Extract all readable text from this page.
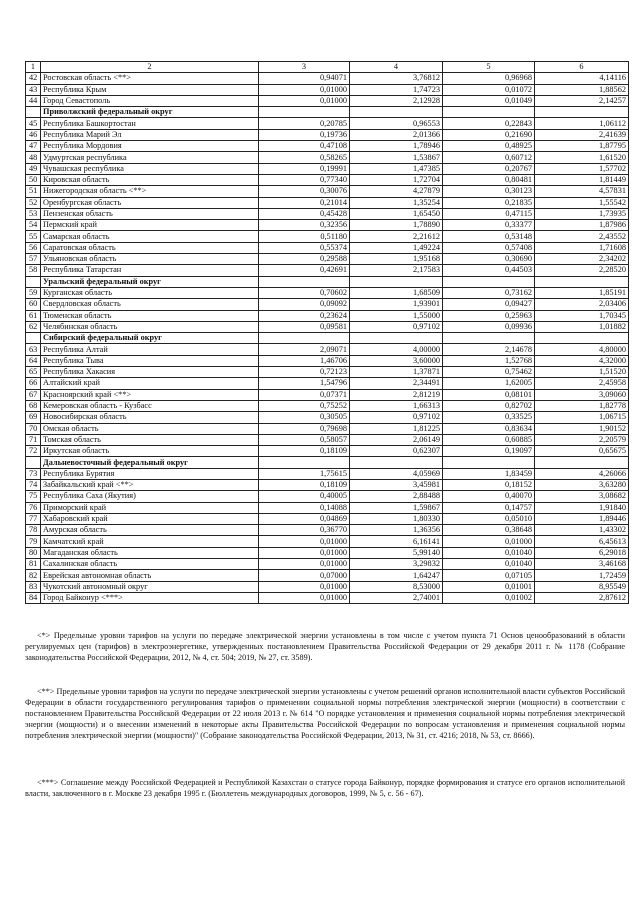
1	2	3	4	5	6
42	Ростовская область <**>	0,94071	3,76812	0,96968	4,14116
43	Республика Крым	0,01000	1,74723	0,01072	1,88562
44	Город Севастополь	0,01000	2,12928	0,01049	2,14257
	Приволжский федеральный округ				
45	Республика Башкортостан	0,20785	0,96553	0,22843	1,06112
46	Республика Марий Эл	0,19736	2,01366	0,21690	2,41639
47	Республика Мордовия	0,47108	1,78946	0,48925	1,87795
48	Удмуртская республика	0,58265	1,53867	0,60712	1,61520
49	Чувашская республика	0,19991	1,47385	0,20767	1,57702
50	Кировская область	0,77340	1,72704	0,80481	1,81449
51	Нижегородская область <**>	0,30076	4,27879	0,30123	4,57831
52	Оренбургская область	0,21014	1,35254	0,21835	1,55542
53	Пензенская область	0,45428	1,65450	0,47115	1,73935
54	Пермский край	0,32356	1,78890	0,33377	1,87986
55	Самарская область	0,51180	2,21612	0,53148	2,43552
56	Саратовская область	0,55374	1,49224	0,57408	1,71608
57	Ульяновская область	0,29588	1,95168	0,30690	2,34202
58	Республика Татарстан	0,42691	2,17583	0,44503	2,28520
	Уральский федеральный округ				
59	Курганская область	0,70602	1,68509	0,73162	1,85191
60	Свердловская область	0,09092	1,93901	0,09427	2,03406
61	Тюменская область	0,23624	1,55000	0,25963	1,70345
62	Челябинская область	0,09581	0,97102	0,09936	1,01882
	Сибирский федеральный округ				
63	Республика Алтай	2,09071	4,00000	2,14678	4,80000
64	Республика Тыва	1,46706	3,60000	1,52768	4,32000
65	Республика Хакасия	0,72123	1,37871	0,75462	1,51520
66	Алтайский край	1,54796	2,34491	1,62005	2,45958
67	Красноярский край <**>	0,07371	2,81219	0,08101	3,09060
68	Кемеровская область - Кузбасс	0,75252	1,66313	0,82702	1,82778
69	Новосибирская область	0,30505	0,97102	0,33525	1,06715
70	Омская область	0,79698	1,81225	0,83634	1,90152
71	Томская область	0,58057	2,06149	0,60885	2,20579
72	Иркутская область	0,18109	0,62307	0,19097	0,65675
	Дальневосточный федеральный округ				
73	Республика Бурятия	1,75615	4,05969	1,83459	4,26066
74	Забайкальский край <**>	0,18109	3,45981	0,18152	3,63280
75	Республика Саха (Якутия)	0,40005	2,88488	0,40070	3,08682
76	Приморский край	0,14088	1,59867	0,14757	1,91840
77	Хабаровский край	0,04869	1,80330	0,05010	1,89446
78	Амурская область	0,36770	1,36356	0,38648	1,43302
79	Камчатский край	0,01000	6,16141	0,01000	6,45613
80	Магаданская область	0,01000	5,99140	0,01040	6,29018
81	Сахалинская область	0,01000	3,29832	0,01040	3,46168
82	Еврейская автономная область	0,07000	1,64247	0,07105	1,72459
83	Чукотский автономный округ	0,01000	8,53000	0,01001	8,95549
84	Город Байконур <***>	0,01000	2,74001	0,01002	2,87612

<*> Предельные уровни тарифов на услуги по передаче электрической энергии установлены в том числе с учетом пункта 71 Основ ценообразований в области регулируемых цен (тарифов) в электроэнергетике, утвержденных постановлением Правительства Российской Федерации от 29 декабря 2011 г. № 1178 (Собрание законодательства Российской Федерации, 2012, № 4, ст. 504; 2019, № 27, ст. 3589).

<**> Предельные уровни тарифов на услуги по передаче электрической энергии установлены с учетом решений органов исполнительной власти субъектов Российской Федерации в области государственного регулирования тарифов о применении социальной нормы потребления электрической энергии (мощности) в соответствии с постановлением Правительства Российской Федерации от 22 июля 2013 г. № 614 "О порядке установления и применения социальной нормы потребления электрической энергии (мощности) и о внесении изменений в некоторые акты Правительства Российской Федерации по вопросам установления и применения социальной нормы потребления электрической энергии (мощности)" (Собрание законодательства Российской Федерации, 2013, № 31, ст. 4216; 2018, № 53, ст. 8666).

<***> Соглашение между Российской Федерацией и Республикой Казахстан о статусе города Байконур, порядке формирования и статусе его органов исполнительной власти, заключенного в г. Москве 23 декабря 1995 г. (Бюллетень международных договоров, 1999, № 5, с. 56 - 67).
